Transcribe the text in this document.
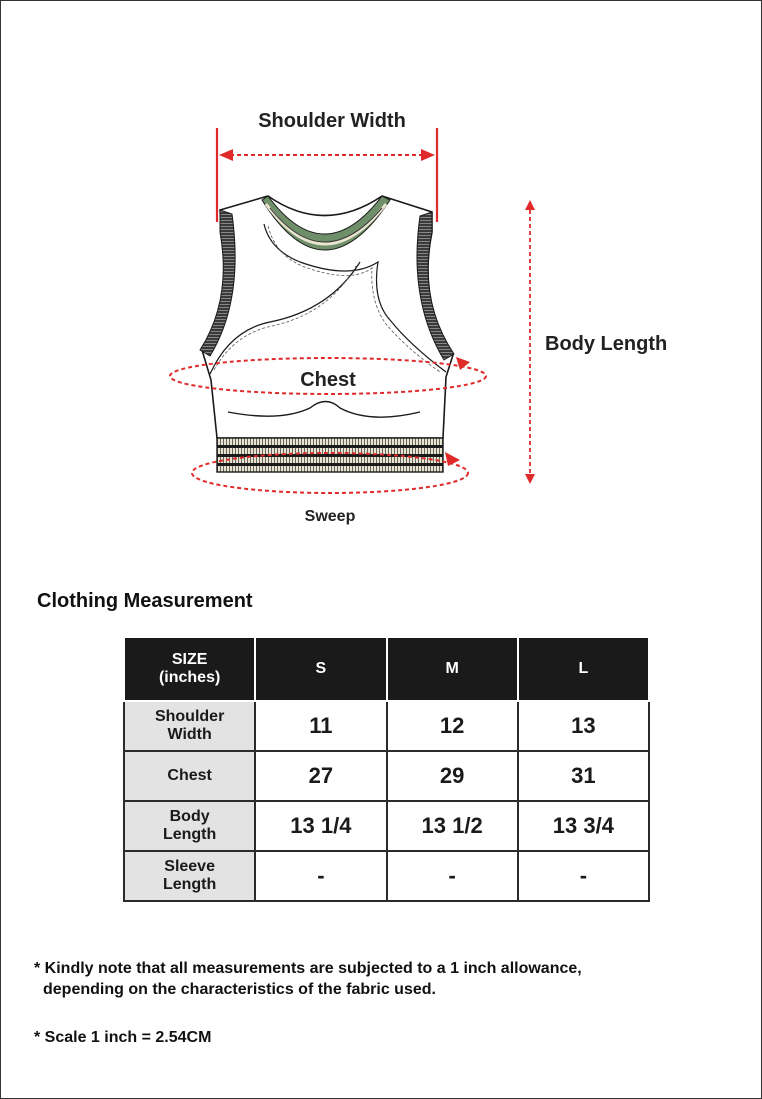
Shoulder Width
Body Length
Chest
Sweep
Clothing Measurement
SIZE
(inches)	S	M	L
Shoulder
Width	11	12	13
Chest	27	29	31
Body
Length	13 1/4	13 1/2	13 3/4
Sleeve
Length	-	-	-
* Kindly note that all measurements are subjected to a 1 inch allowance,
depending on the characteristics of the fabric used.
* Scale 1 inch = 2.54CM
